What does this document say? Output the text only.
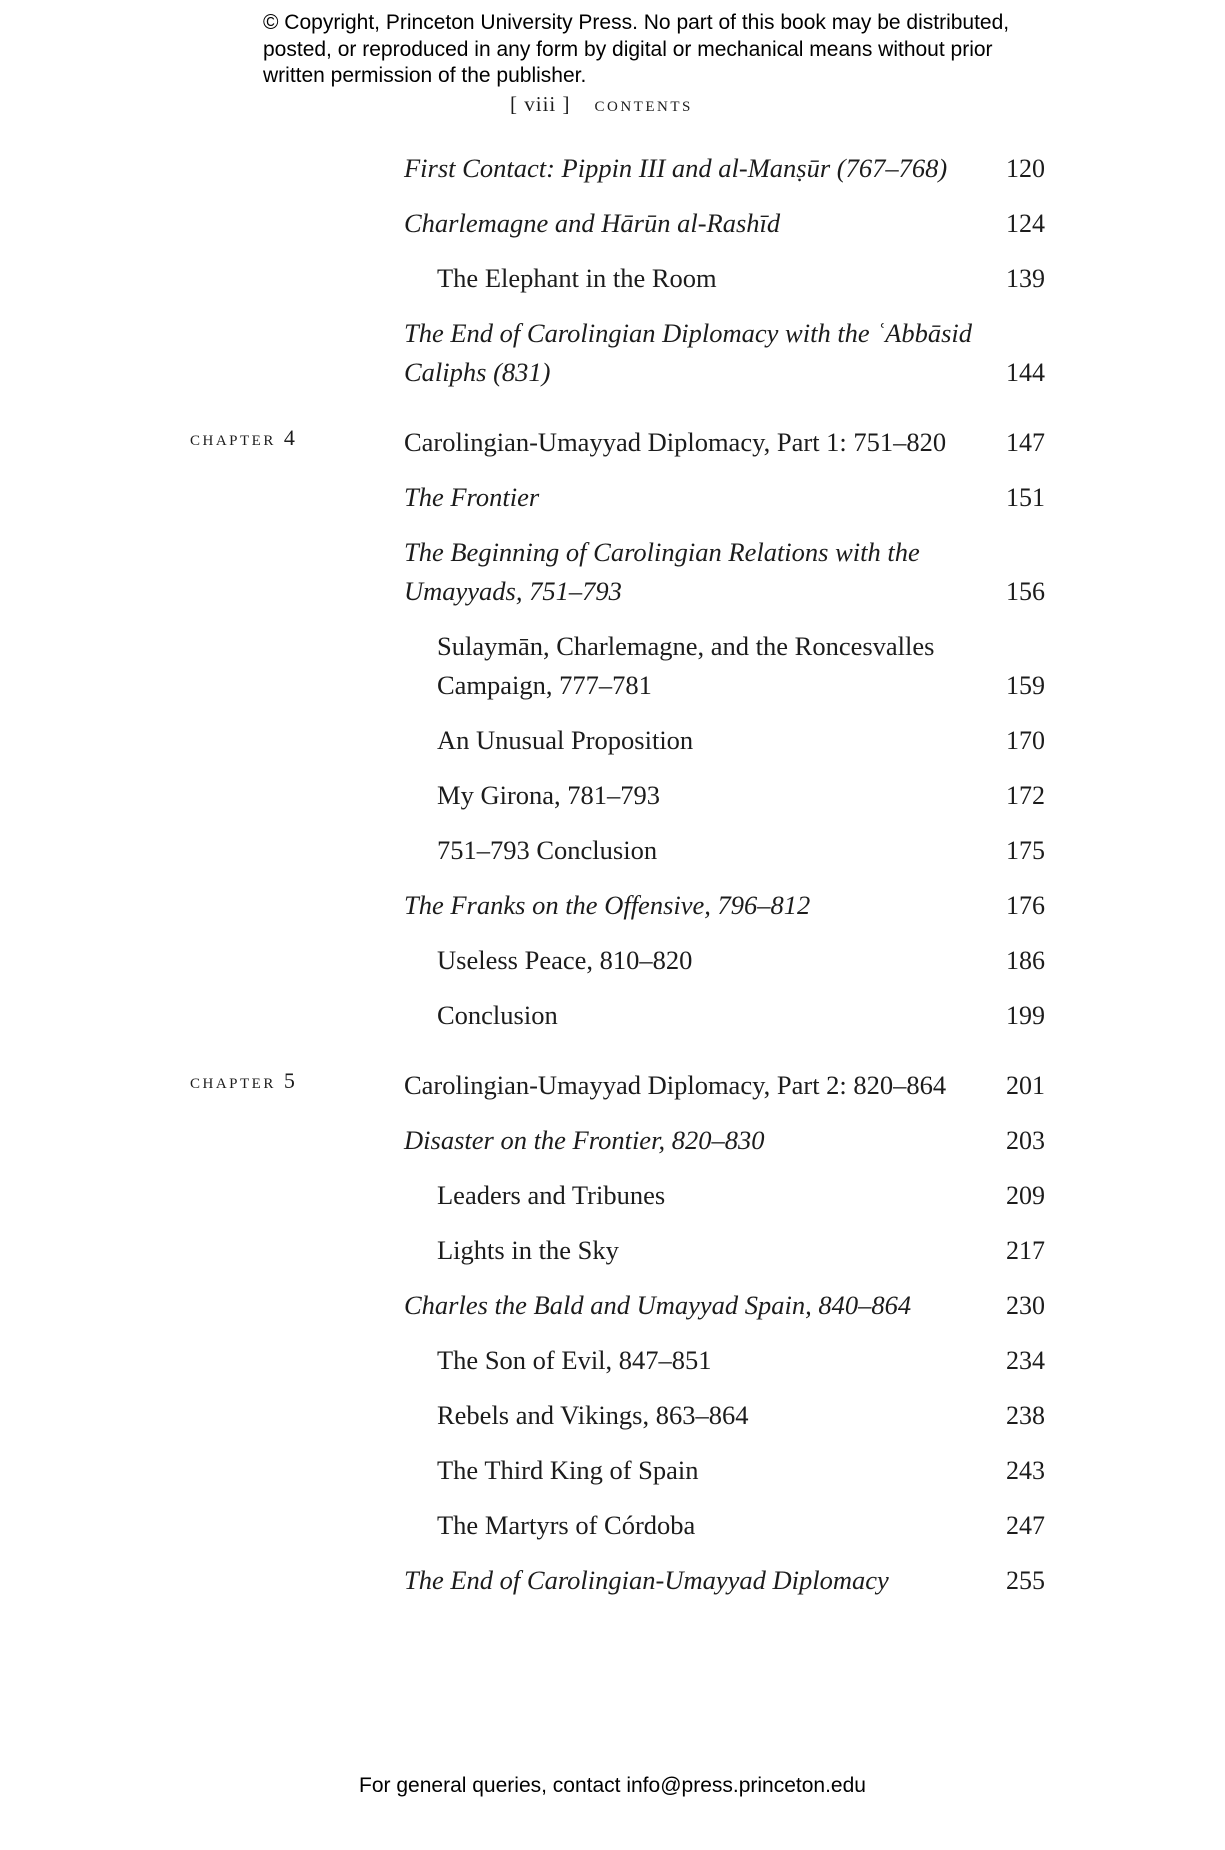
© Copyright, Princeton University Press. No part of this book may be distributed, posted, or reproduced in any form by digital or mechanical means without prior written permission of the publisher.
[ viii ] contents
First Contact: Pippin III and al-Manṣūr (767–768)	120
Charlemagne and Hārūn al-Rashīd	124
The Elephant in the Room	139
The End of Carolingian Diplomacy with the ʿAbbāsid Caliphs (831)	144
chapter 4	Carolingian-Umayyad Diplomacy, Part 1: 751–820	147
The Frontier	151
The Beginning of Carolingian Relations with the Umayyads, 751–793	156
Sulaymān, Charlemagne, and the Roncesvalles Campaign, 777–781	159
An Unusual Proposition	170
My Girona, 781–793	172
751–793 Conclusion	175
The Franks on the Offensive, 796–812	176
Useless Peace, 810–820	186
Conclusion	199
chapter 5	Carolingian-Umayyad Diplomacy, Part 2: 820–864	201
Disaster on the Frontier, 820–830	203
Leaders and Tribunes	209
Lights in the Sky	217
Charles the Bald and Umayyad Spain, 840–864	230
The Son of Evil, 847–851	234
Rebels and Vikings, 863–864	238
The Third King of Spain	243
The Martyrs of Córdoba	247
The End of Carolingian-Umayyad Diplomacy	255
For general queries, contact info@press.princeton.edu
